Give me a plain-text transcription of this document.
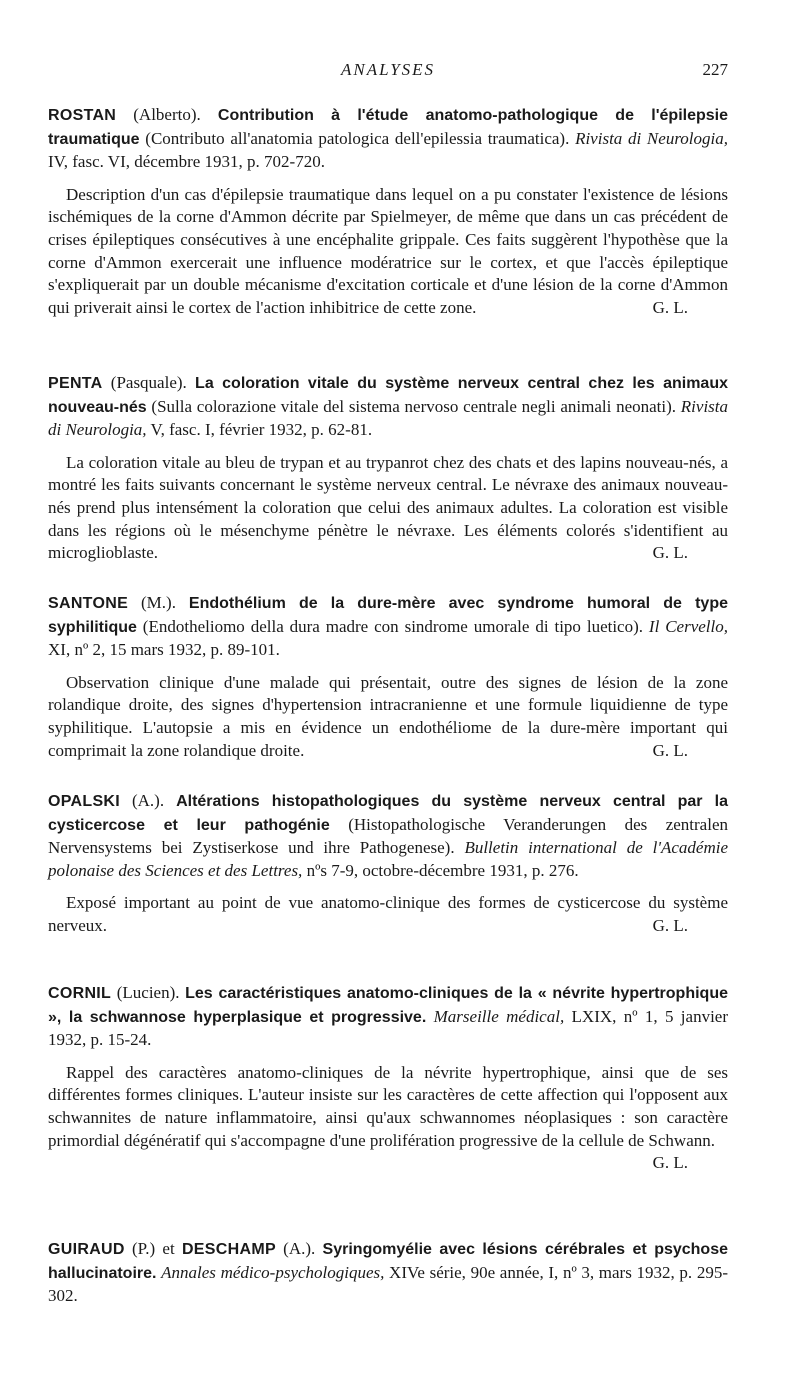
ANALYSES	227

ROSTAN (Alberto). Contribution à l'étude anatomo-pathologique de l'épilepsie traumatique (Contributo all'anatomia patologica dell'epilessia traumatica). Rivista di Neurologia, IV, fasc. VI, décembre 1931, p. 702-720.

Description d'un cas d'épilepsie traumatique dans lequel on a pu constater l'existence de lésions ischémiques de la corne d'Ammon décrite par Spielmeyer, de même que dans un cas précédent de crises épileptiques consécutives à une encéphalite grippale. Ces faits suggèrent l'hypothèse que la corne d'Ammon exercerait une influence modératrice sur le cortex, et que l'accès épileptique s'expliquerait par un double mécanisme d'excitation corticale et d'une lésion de la corne d'Ammon qui priverait ainsi le cortex de l'action inhibitrice de cette zone.	G. L.

PENTA (Pasquale). La coloration vitale du système nerveux central chez les animaux nouveau-nés (Sulla colorazione vitale del sistema nervoso centrale negli animali neonati). Rivista di Neurologia, V, fasc. I, février 1932, p. 62-81.

La coloration vitale au bleu de trypan et au trypanrot chez des chats et des lapins nouveau-nés, a montré les faits suivants concernant le système nerveux central. Le névraxe des animaux nouveau-nés prend plus intensément la coloration que celui des animaux adultes. La coloration est visible dans les régions où le mésenchyme pénètre le névraxe. Les éléments colorés s'identifient au microglioblaste.	G. L.

SANTONE (M.). Endothélium de la dure-mère avec syndrome humoral de type syphilitique (Endotheliomo della dura madre con sindrome umorale di tipo luetico). Il Cervello, XI, nº 2, 15 mars 1932, p. 89-101.

Observation clinique d'une malade qui présentait, outre des signes de lésion de la zone rolandique droite, des signes d'hypertension intracranienne et une formule liquidienne de type syphilitique. L'autopsie a mis en évidence un endothéliome de la dure-mère important qui comprimait la zone rolandique droite.	G. L.

OPALSKI (A.). Altérations histopathologiques du système nerveux central par la cysticercose et leur pathogénie (Histopathologische Veranderungen des zentralen Nervensystems bei Zystiserkose und ihre Pathogenese). Bulletin international de l'Académie polonaise des Sciences et des Lettres, nºs 7-9, octobre-décembre 1931, p. 276.

Exposé important au point de vue anatomo-clinique des formes de cysticercose du système nerveux.	G. L.

CORNIL (Lucien). Les caractéristiques anatomo-cliniques de la « névrite hypertrophique », la schwannose hyperplasique et progressive. Marseille médical, LXIX, nº 1, 5 janvier 1932, p. 15-24.

Rappel des caractères anatomo-cliniques de la névrite hypertrophique, ainsi que de ses différentes formes cliniques. L'auteur insiste sur les caractères de cette affection qui l'opposent aux schwannites de nature inflammatoire, ainsi qu'aux schwannomes néoplasiques : son caractère primordial dégénératif qui s'accompagne d'une prolifération progressive de la cellule de Schwann.
G. L.

GUIRAUD (P.) et DESCHAMP (A.). Syringomyélie avec lésions cérébrales et psychose hallucinatoire. Annales médico-psychologiques, XIVe série, 90e année, I, nº 3, mars 1932, p. 295-302.
